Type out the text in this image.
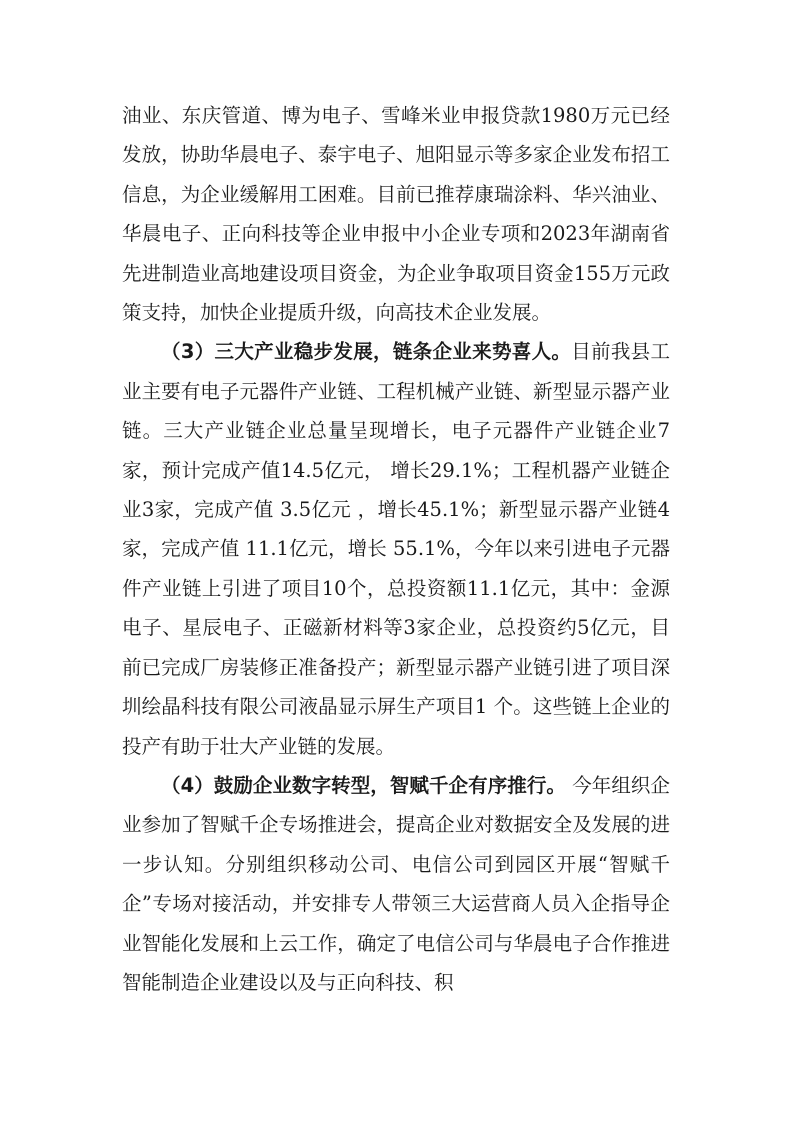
油业、东庆管道、博为电子、雪峰米业申报贷款1980万元已经发放，协助华晨电子、泰宇电子、旭阳显示等多家企业发布招工信息，为企业缓解用工困难。目前已推荐康瑞涂料、华兴油业、华晨电子、正向科技等企业申报中小企业专项和2023年湖南省先进制造业高地建设项目资金，为企业争取项目资金155万元政策支持，加快企业提质升级，向高技术企业发展。

（3）三大产业稳步发展，链条企业来势喜人。目前我县工业主要有电子元器件产业链、工程机械产业链、新型显示器产业链。三大产业链企业总量呈现增长，电子元器件产业链企业7家，预计完成产值14.5亿元， 增长29.1%；工程机器产业链企业3家，完成产值 3.5亿元 ，增长45.1%；新型显示器产业链4家，完成产值 11.1亿元，增长 55.1%，今年以来引进电子元器件产业链上引进了项目10个，总投资额11.1亿元，其中：金源电子、星辰电子、正磁新材料等3家企业，总投资约5亿元，目前已完成厂房装修正准备投产；新型显示器产业链引进了项目深圳绘晶科技有限公司液晶显示屏生产项目1 个。这些链上企业的投产有助于壮大产业链的发展。

（4）鼓励企业数字转型，智赋千企有序推行。 今年组织企业参加了智赋千企专场推进会，提高企业对数据安全及发展的进一步认知。分别组织移动公司、电信公司到园区开展“智赋千企”专场对接活动，并安排专人带领三大运营商人员入企指导企业智能化发展和上云工作，确定了电信公司与华晨电子合作推进智能制造企业建设以及与正向科技、积
